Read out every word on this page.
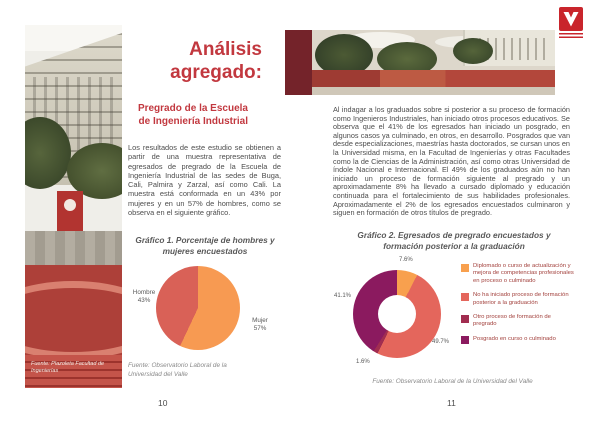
Fuente: Plazoleta Facultad de Ingenierías
Análisis agregado:
Pregrado de la Escuela de Ingeniería Industrial
Los resultados de este estudio se obtienen a partir de una muestra representativa de egresados de pregrado de la Escuela de Ingeniería Industrial de las sedes de Buga, Cali, Palmira y Zarzal, así como Cali. La muestra está conformada en un 43% por mujeres y en un 57% de hombres, como se observa en el siguiente gráfico.
Gráfico 1. Porcentaje de hombres y mujeres encuestados
Hombre
43%
Mujer
57%
Fuente: Observatorio Laboral de la Universidad del Valle
10
Al indagar a los graduados sobre si posterior a su proceso de formación como Ingenieros Industriales, han iniciado otros procesos educativos. Se observa que el 41% de los egresados han iniciado un posgrado, en algunos casos ya culminado, en otros, en desarrollo. Posgrados que van desde especializaciones, maestrías hasta doctorados, se cursan unos en la Universidad misma, en la Facultad de Ingenierías y otras Facultades como la de Ciencias de la Administración, así como otras Universidad de índole Nacional e Internacional. El 49% de los graduados aún no han iniciado un proceso de formación siguiente al pregrado y un aproximadamente 8% ha llevado a cursado diplomado y educación continuada para el fortalecimiento de sus habilidades profesionales. Aproximadamente el 2% de los egresados encuestados culminaron y siguen en formación de otros títulos de pregrado.
Gráfico 2. Egresados de pregrado encuestados y formación posterior a la graduación
7.6%
49.7%
1.6%
41.1%
Diplomado o curso de actualización y mejora de competencias profesionales en proceso o culminado
No ha iniciado proceso de formación posterior a la graduación
Otro proceso de formación de pregrado
Posgrado en curso o culminado
Fuente: Observatorio Laboral de la Universidad del Valle
11
